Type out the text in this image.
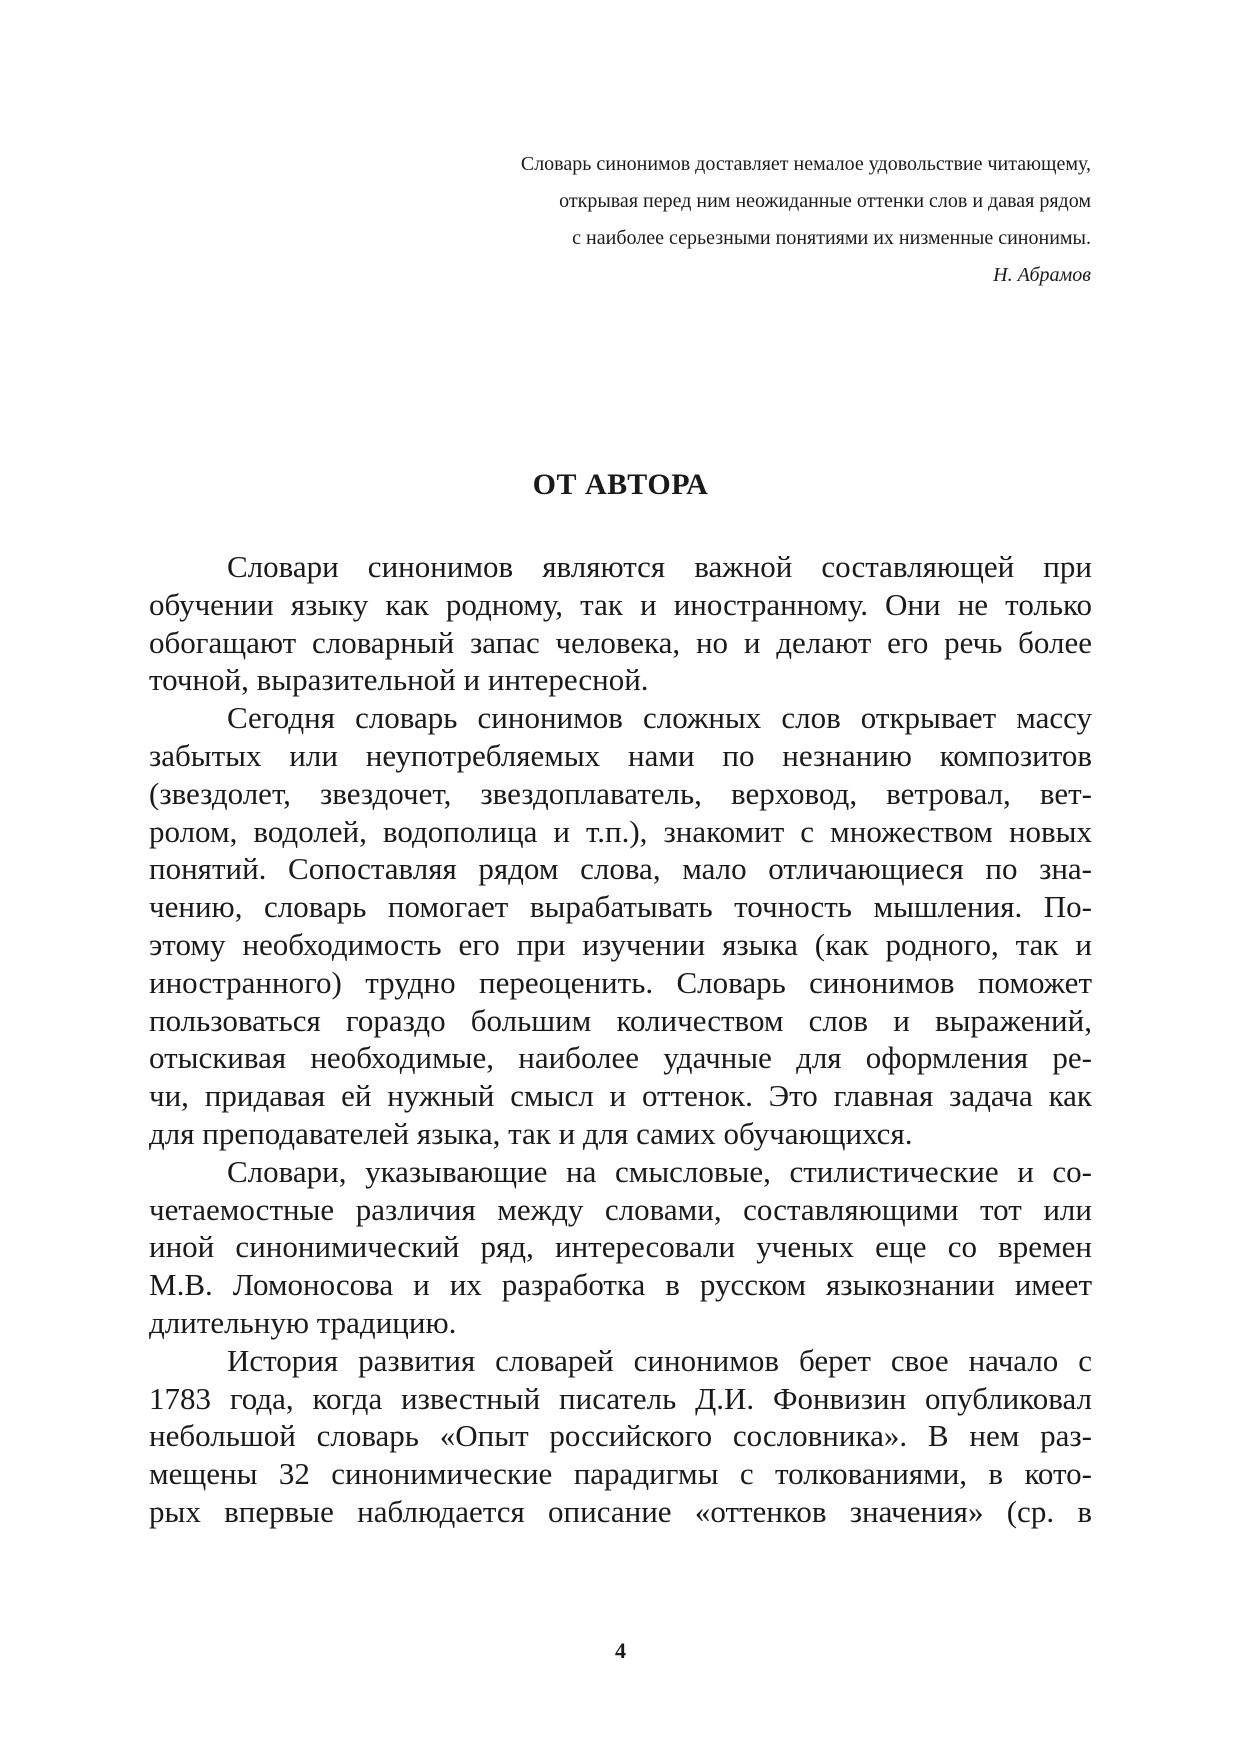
Словарь синонимов доставляет немалое удовольствие читающему,
открывая перед ним неожиданные оттенки слов и давая рядом
с наиболее серьезными понятиями их низменные синонимы.
Н. Абрамов
ОТ АВТОРА
Словари синонимов являются важной составляющей при
обучении языку как родному, так и иностранному. Они не только
обогащают словарный запас человека, но и делают его речь более
точной, выразительной и интересной.
Сегодня словарь синонимов сложных слов открывает массу
забытых или неупотребляемых нами по незнанию композитов
(звездолет, звездочет, звездоплаватель, верховод, ветровал, вет-
ролом, водолей, водополица и т.п.), знакомит с множеством новых
понятий. Сопоставляя рядом слова, мало отличающиеся по зна-
чению, словарь помогает вырабатывать точность мышления. По-
этому необходимость его при изучении языка (как родного, так и
иностранного) трудно переоценить. Словарь синонимов поможет
пользоваться гораздо большим количеством слов и выражений,
отыскивая необходимые, наиболее удачные для оформления ре-
чи, придавая ей нужный смысл и оттенок. Это главная задача как
для преподавателей языка, так и для самих обучающихся.
Словари, указывающие на смысловые, стилистические и со-
четаемостные различия между словами, составляющими тот или
иной синонимический ряд, интересовали ученых еще со времен
М.В. Ломоносова и их разработка в русском языкознании имеет
длительную традицию.
История развития словарей синонимов берет свое начало с
1783 года, когда известный писатель Д.И. Фонвизин опубликовал
небольшой словарь «Опыт российского сословника». В нем раз-
мещены 32 синонимические парадигмы с толкованиями, в кото-
рых впервые наблюдается описание «оттенков значения» (ср. в
4
